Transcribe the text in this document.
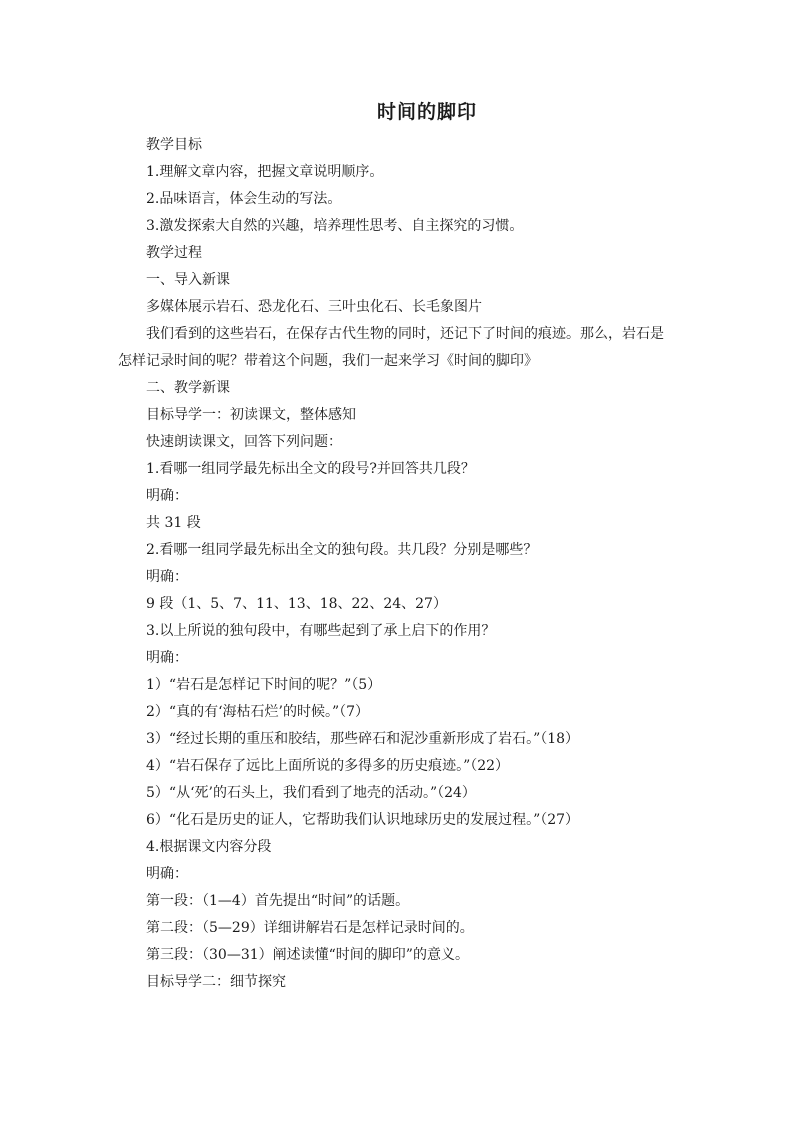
时间的脚印

教学目标

1.理解文章内容，把握文章说明顺序。

2.品味语言，体会生动的写法。

3.激发探索大自然的兴趣，培养理性思考、自主探究的习惯。

教学过程

一、导入新课

多媒体展示岩石、恐龙化石、三叶虫化石、长毛象图片

我们看到的这些岩石，在保存古代生物的同时，还记下了时间的痕迹。那么，岩石是怎样记录时间的呢？带着这个问题，我们一起来学习《时间的脚印》

二、教学新课

目标导学一：初读课文，整体感知

快速朗读课文，回答下列问题：

1.看哪一组同学最先标出全文的段号?并回答共几段？

明确：

共 31 段

2.看哪一组同学最先标出全文的独句段。共几段？分别是哪些？

明确：

9 段（1、5、7、11、13、18、22、24、27）

3.以上所说的独句段中，有哪些起到了承上启下的作用？

明确：

1）“岩石是怎样记下时间的呢？”（5）

2）“真的有‘海枯石烂’的时候。”（7）

3）“经过长期的重压和胶结，那些碎石和泥沙重新形成了岩石。”（18）

4）“岩石保存了远比上面所说的多得多的历史痕迹。”（22）

5）“从‘死’的石头上，我们看到了地壳的活动。”（24）

6）“化石是历史的证人，它帮助我们认识地球历史的发展过程。”（27）

4.根据课文内容分段

明确：

第一段：（1—4）首先提出“时间”的话题。

第二段：（5—29）详细讲解岩石是怎样记录时间的。

第三段：（30—31）阐述读懂“时间的脚印”的意义。

目标导学二：细节探究
